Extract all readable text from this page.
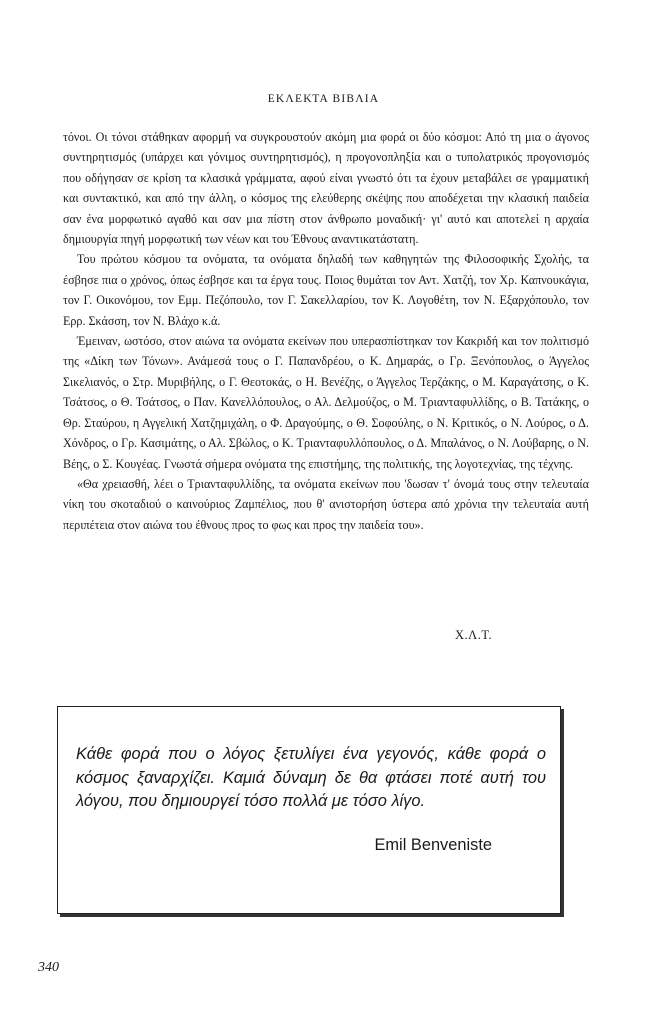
ΕΚΛΕΚΤΑ ΒΙΒΛΙΑ

τόνοι. Οι τόνοι στάθηκαν αφορμή να συγκρουστούν ακόμη μια φορά οι δύο κόσμοι: Από τη μια ο άγονος συντηρητισμός (υπάρχει και γόνιμος συντηρητισμός), η προγονοπληξία και ο τυπολατρικός προγονισμός που οδήγησαν σε κρίση τα κλασικά γράμματα, αφού είναι γνωστό ότι τα έχουν μεταβάλει σε γραμματική και συντακτικό, και από την άλλη, ο κόσμος της ελεύθερης σκέψης που αποδέχεται την κλασική παιδεία σαν ένα μορφωτικό αγαθό και σαν μια πίστη στον άνθρωπο μοναδική· γι' αυτό και αποτελεί η αρχαία δημιουργία πηγή μορφωτική των νέων και του Έθνους αναντικατάστατη.

Του πρώτου κόσμου τα ονόματα, τα ονόματα δηλαδή των καθηγητών της Φιλοσοφικής Σχολής, τα έσβησε πια ο χρόνος, όπως έσβησε και τα έργα τους. Ποιος θυμάται τον Αντ. Χατζή, τον Χρ. Καπνουκάγια, τον Γ. Οικονόμου, τον Εμμ. Πεζόπουλο, τον Γ. Σακελλαρίου, τον Κ. Λογοθέτη, τον Ν. Εξαρχόπουλο, τον Ερρ. Σκάσση, τον Ν. Βλάχο κ.ά.

Έμειναν, ωστόσο, στον αιώνα τα ονόματα εκείνων που υπερασπίστηκαν τον Κακριδή και τον πολιτισμό της «Δίκη των Τόνων». Ανάμεσά τους ο Γ. Παπανδρέου, ο Κ. Δημαράς, ο Γρ. Ξενόπουλος, ο Άγγελος Σικελιανός, ο Στρ. Μυριβήλης, ο Γ. Θεοτοκάς, ο Η. Βενέζης, ο Άγγελος Τερζάκης, ο Μ. Καραγάτσης, ο Κ. Τσάτσος, ο Θ. Τσάτσος, ο Παν. Κανελλόπουλος, ο Αλ. Δελμούζος, ο Μ. Τριανταφυλλίδης, ο Β. Τατάκης, ο Θρ. Σταύρου, η Αγγελική Χατζημιχάλη, ο Φ. Δραγούμης, ο Θ. Σοφούλης, ο Ν. Κριτικός, ο Ν. Λούρος, ο Δ. Χόνδρος, ο Γρ. Κασιμάτης, ο Αλ. Σβώλος, ο Κ. Τριανταφυλλόπουλος, ο Δ. Μπαλάνος, ο Ν. Λούβαρης, ο Ν. Βέης, ο Σ. Κουγέας. Γνωστά σήμερα ονόματα της επιστήμης, της πολιτικής, της λογοτεχνίας, της τέχνης.

«Θα χρειασθή, λέει ο Τριανταφυλλίδης, τα ονόματα εκείνων που 'δωσαν τ' όνομά τους στην τελευταία νίκη του σκοταδιού ο καινούριος Ζαμπέλιος, που θ' ανιστορήση ύστερα από χρόνια την τελευταία αυτή περιπέτεια στον αιώνα του έθνους προς το φως και προς την παιδεία του».

Χ.Λ.Τ.
Κάθε φορά που ο λόγος ξετυλίγει ένα γεγονός, κάθε φορά ο κόσμος ξαναρχίζει. Καμιά δύναμη δε θα φτάσει ποτέ αυτή του λόγου, που δημιουργεί τόσο πολλά με τόσο λίγο.
Emil Benveniste
340
